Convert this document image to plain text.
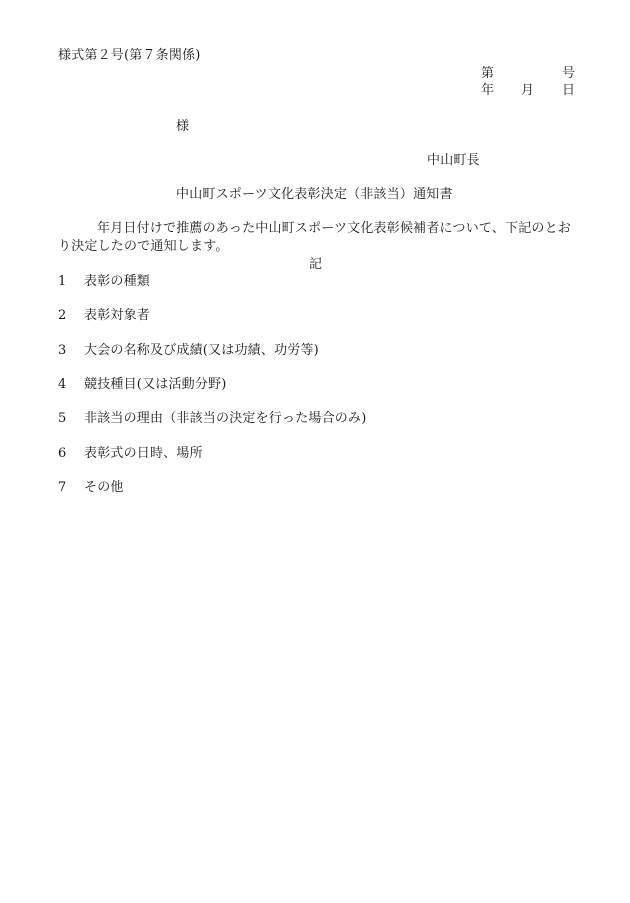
様式第２号(第７条関係)
第	号
年 月 日
様
中山町長
中山町スポーツ文化表彰決定（非該当）通知書
年月日付けで推薦のあった中山町スポーツ文化表彰候補者について、下記のとお
り決定したので通知します。
記
1 表彰の種類
2 表彰対象者
3 大会の名称及び成績(又は功績、功労等)
4 競技種目(又は活動分野)
5 非該当の理由（非該当の決定を行った場合のみ)
6 表彰式の日時、場所
7 その他
